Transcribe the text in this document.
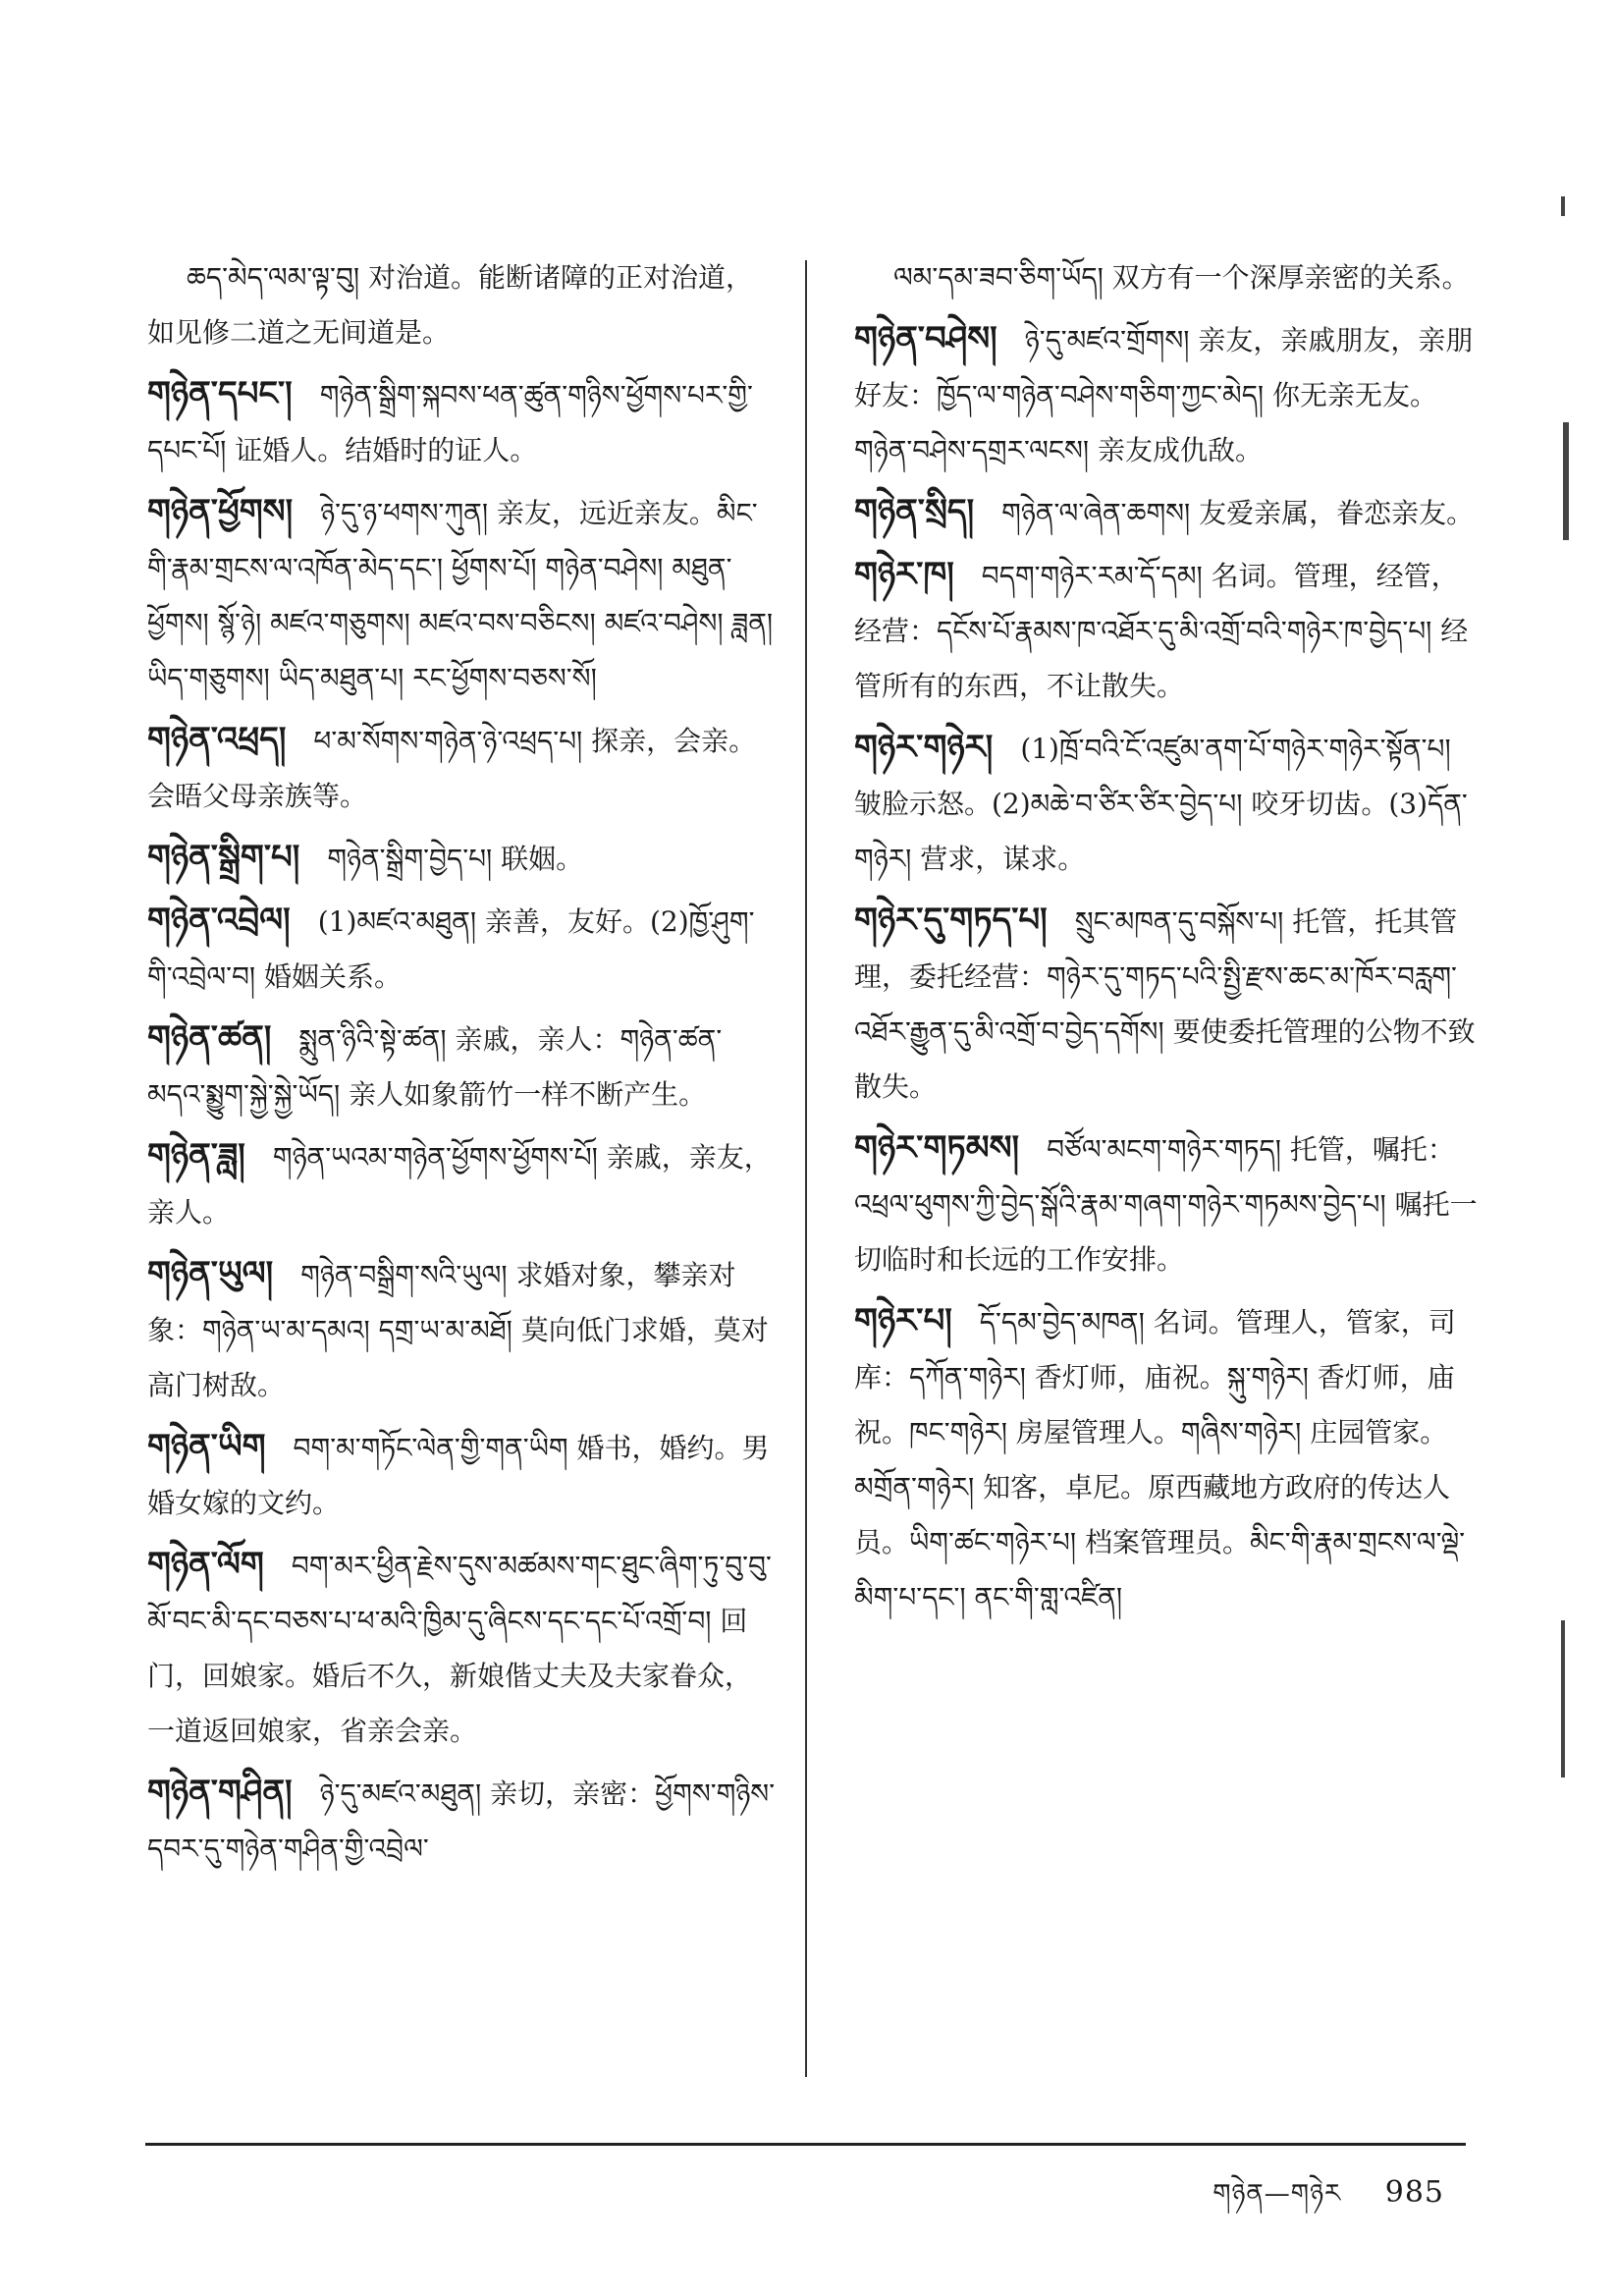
ཆད་མེད་ལམ་ལྟ་བུ། 对治道。能断诸障的正对治道，如见修二道之无间道是。
གཉེན་དཔང་། གཉེན་སྒྲིག་སྐབས་ཕན་ཚུན་གཉིས་ཕྱོགས་པར་གྱི་དཔང་པོ། 证婚人。结婚时的证人。
གཉེན་ཕྱོགས། ཉེ་དུ་ཉ་ཕགས་ཀུན། 亲友，远近亲友。མིང་གི་རྣམ་གྲངས་ལ་འཁོན་མེད་དང་། ཕྱོགས་པོ། གཉེན་བཤེས། མཐུན་ཕྱོགས། སྙོ་ཉེ། མཛའ་གཅུགས། མཛའ་བས་བཅིངས། མཛའ་བཤེས། ཟླན། ཡིད་གཅུགས། ཡིད་མཐུན་པ། རང་ཕྱོགས་བཅས་སོ།
གཉེན་འཕྲད། ཕ་མ་སོགས་གཉེན་ཉེ་འཕྲད་པ། 探亲，会亲。会晤父母亲族等。
གཉེན་སྒྲིག་པ། གཉེན་སྒྲིག་བྱེད་པ། 联姻。
གཉེན་འབྲེལ། (1)མཛའ་མཐུན། 亲善，友好。(2)ཁྱོ་ཤུག་གི་འབྲེལ་བ། 婚姻关系。
གཉེན་ཚན། སྨུན་ཉིའི་སྟེ་ཚན། 亲戚，亲人：གཉེན་ཚན་མདའ་སྨྱུག་སྐྱེ་སྐྱེ་ཡོད། 亲人如象箭竹一样不断产生。
གཉེན་ཟླ། གཉེན་ཡའམ་གཉེན་ཕྱོགས་ཕྱོགས་པོ། 亲戚，亲友，亲人。
གཉེན་ཡུལ། གཉེན་བསྒྲིག་སའི་ཡུལ། 求婚对象，攀亲对象：གཉེན་ཡ་མ་དམའ། དགྲ་ཡ་མ་མཐོ། 莫向低门求婚，莫对高门树敌。
གཉེན་ཡིག བག་མ་གཏོང་ལེན་གྱི་གན་ཡིག 婚书，婚约。男婚女嫁的文约。
གཉེན་ལོག བག་མར་ཕྱིན་རྗེས་དུས་མཚམས་གང་ཐུང་ཞིག་ཏུ་བུ་བུ་མོ་བང་མི་དང་བཅས་པ་ཕ་མའི་ཁྱིམ་དུ་ཞིངས་དང་དང་པོ་འགྲོ་བ། 回门，回娘家。婚后不久，新娘偕丈夫及夫家眷众，一道返回娘家，省亲会亲。
གཉེན་གཤིན། ཉེ་དུ་མཛའ་མཐུན། 亲切，亲密：ཕྱོགས་གཉིས་དབར་དུ་གཉེན་གཤིན་གྱི་འབྲེལ་
ལམ་དམ་ཟབ་ཅིག་ཡོད། 双方有一个深厚亲密的关系。
གཉེན་བཤེས། ཉེ་དུ་མཛའ་གྲོགས། 亲友，亲戚朋友，亲朋好友：ཁྱོད་ལ་གཉེན་བཤེས་གཅིག་ཀྱང་མེད། 你无亲无友。གཉེན་བཤེས་དགྲར་ལངས། 亲友成仇敌。
གཉེན་སྲིད། གཉེན་ལ་ཞེན་ཆགས། 友爱亲属，眷恋亲友。
གཉེར་ཁ། བདག་གཉེར་རམ་དོ་དམ། 名词。管理，经管，经营：དངོས་པོ་རྣམས་ཁ་འཐོར་དུ་མི་འགྲོ་བའི་གཉེར་ཁ་བྱེད་པ། 经管所有的东西，不让散失。
གཉེར་གཉེར། (1)ཁྲོ་བའི་ངོ་འཛུམ་ནག་པོ་གཉེར་གཉེར་སྟོན་པ། 皱脸示怒。(2)མཆེ་བ་ཙིར་ཙིར་བྱེད་པ། 咬牙切齿。(3)དོན་གཉེར། 营求，谋求。
གཉེར་དུ་གཏད་པ། སྲུང་མཁན་དུ་བསྐོས་པ། 托管，托其管理，委托经营：གཉེར་དུ་གཏད་པའི་སྤྱི་རྫས་ཆང་མ་ཁོར་བརླག་འཐོར་རྒྱུན་དུ་མི་འགྲོ་བ་བྱེད་དགོས། 要使委托管理的公物不致散失。
གཉེར་གཏམས། བཙོལ་མངག་གཉེར་གཏད། 托管，嘱托：འཕྲལ་ཕུགས་ཀྱི་བྱེད་སྒོའི་རྣམ་གཞག་གཉེར་གཏམས་བྱེད་པ། 嘱托一切临时和长远的工作安排。
གཉེར་པ། དོ་དམ་བྱེད་མཁན། 名词。管理人，管家，司库：དཀོན་གཉེར། 香灯师，庙祝。སྐུ་གཉེར། 香灯师，庙祝。ཁང་གཉེར། 房屋管理人。གཞིས་གཉེར། 庄园管家。མགྲོན་གཉེར། 知客，卓尼。原西藏地方政府的传达人员。ཡིག་ཚང་གཉེར་པ། 档案管理员。མིང་གི་རྣམ་གྲངས་ལ་ལྡེ་མིག་པ་དང་། ནང་གི་གླ་འཛིན།
གཉེན—གཉེར 985
